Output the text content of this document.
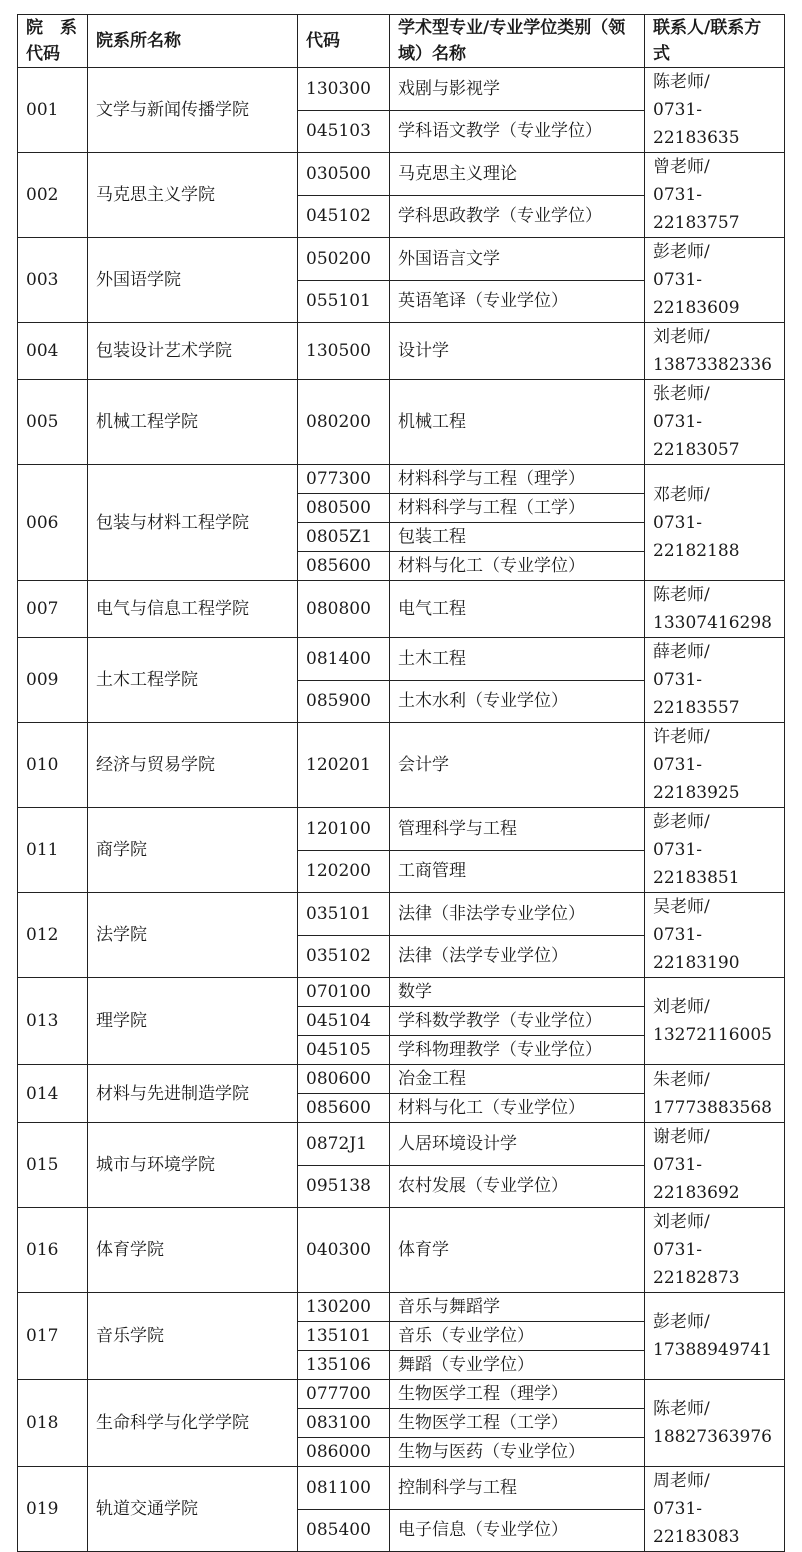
院　系代码	院系所名称	代码	学术型专业/专业学位类别（领域）名称	联系人/联系方式
001	文学与新闻传播学院	130300	戏剧与影视学	陈老师/
0731-22183635

		045103	学科语文教学（专业学位）	
002	马克思主义学院	030500	马克思主义理论	曾老师/
0731-22183757

		045102	学科思政教学（专业学位）	
003	外国语学院	050200	外国语言文学	彭老师/
0731-22183609

		055101	英语笔译（专业学位）	
004	包装设计艺术学院	130500	设计学	刘老师/
13873382336

005	机械工程学院	080200	机械工程	张老师/
0731-22183057

006	包装与材料工程学院	077300	材料科学与工程（理学）	邓老师/
0731-22182188

		080500	材料科学与工程（工学）	
		0805Z1	包装工程	
		085600	材料与化工（专业学位）	
007	电气与信息工程学院	080800	电气工程	陈老师/
13307416298

009	土木工程学院	081400	土木工程	薛老师/
0731-22183557

		085900	土木水利（专业学位）	
010	经济与贸易学院	120201	会计学	许老师/
0731-22183925

011	商学院	120100	管理科学与工程	彭老师/
0731-22183851

		120200	工商管理	
012	法学院	035101	法律（非法学专业学位）	吴老师/
0731-22183190

		035102	法律（法学专业学位）	
013	理学院	070100	数学	刘老师/
13272116005

		045104	学科数学教学（专业学位）	
		045105	学科物理教学（专业学位）	
014	材料与先进制造学院	080600	冶金工程	朱老师/
17773883568

		085600	材料与化工（专业学位）	
015	城市与环境学院	0872J1	人居环境设计学	谢老师/
0731-22183692

		095138	农村发展（专业学位）	
016	体育学院	040300	体育学	刘老师/
0731-22182873

017	音乐学院	130200	音乐与舞蹈学	彭老师/
17388949741

		135101	音乐（专业学位）	
		135106	舞蹈（专业学位）	
018	生命科学与化学学院	077700	生物医学工程（理学）	陈老师/
18827363976

		083100	生物医学工程（工学）	
		086000	生物与医药（专业学位）	
019	轨道交通学院	081100	控制科学与工程	周老师/
0731-22183083

		085400	电子信息（专业学位）	
